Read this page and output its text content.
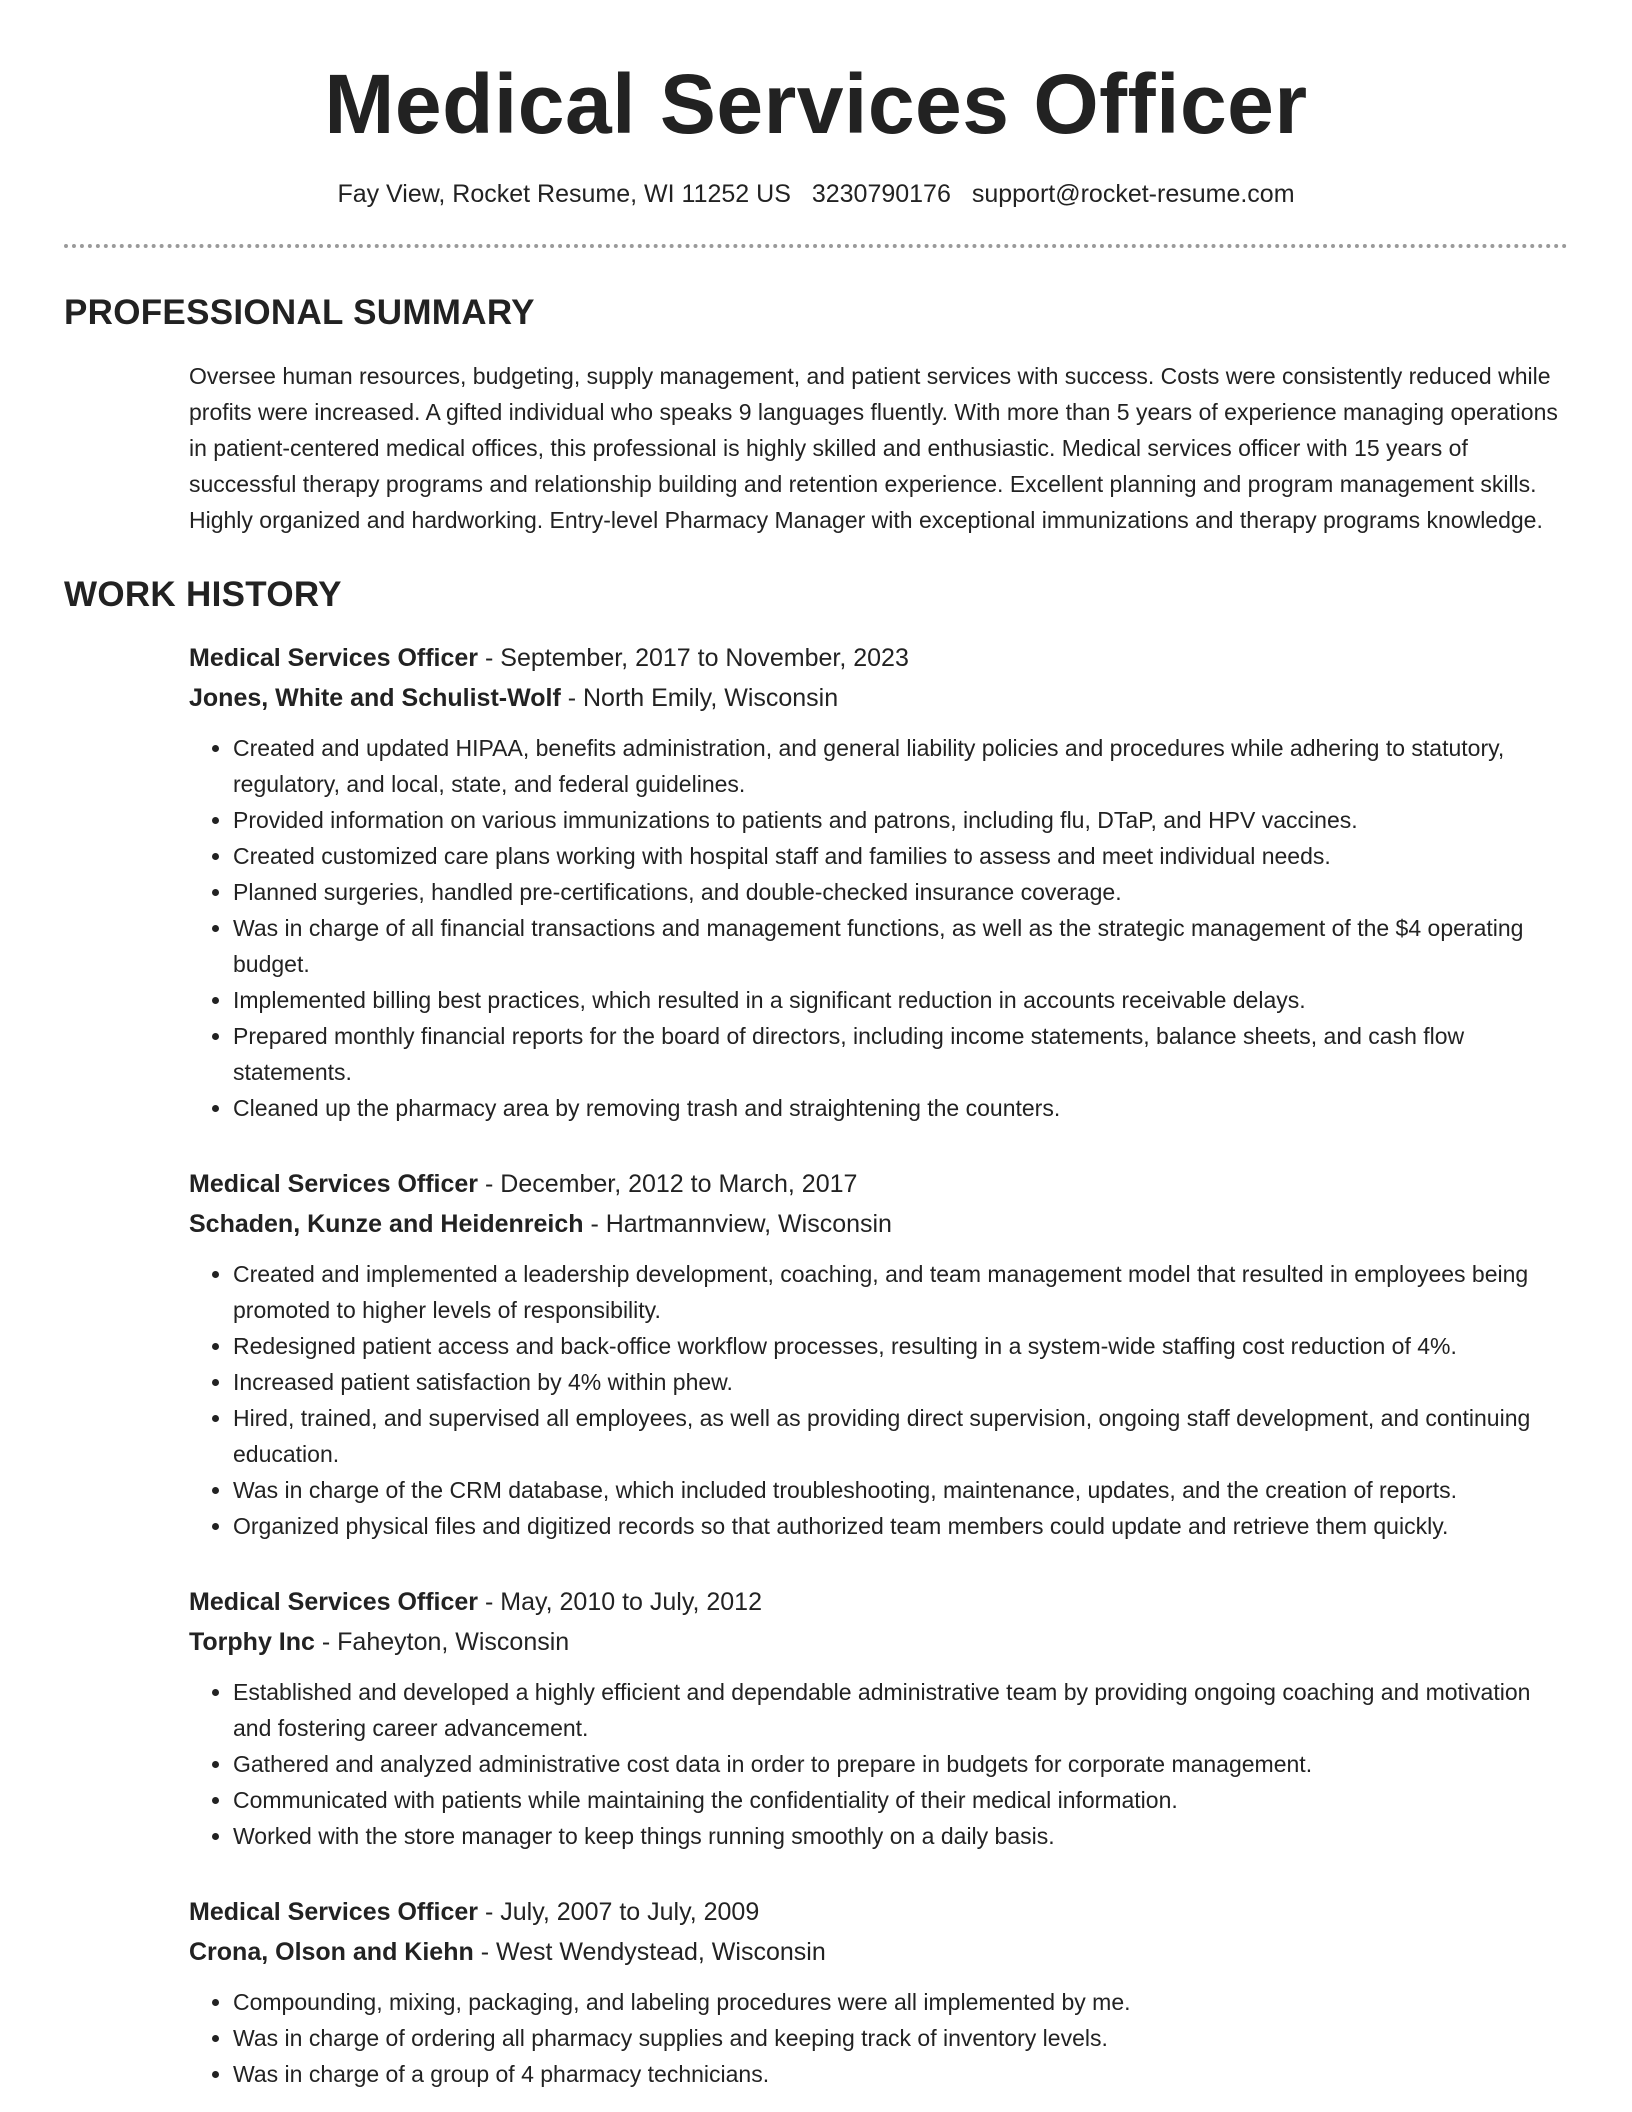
Medical Services Officer
Fay View, Rocket Resume, WI 11252 US 3230790176 support@rocket-resume.com
PROFESSIONAL SUMMARY
Oversee human resources, budgeting, supply management, and patient services with success. Costs were consistently reduced while profits were increased. A gifted individual who speaks 9 languages fluently. With more than 5 years of experience managing operations in patient-centered medical offices, this professional is highly skilled and enthusiastic. Medical services officer with 15 years of successful therapy programs and relationship building and retention experience. Excellent planning and program management skills. Highly organized and hardworking. Entry-level Pharmacy Manager with exceptional immunizations and therapy programs knowledge.
WORK HISTORY
Medical Services Officer - September, 2017 to November, 2023
Jones, White and Schulist-Wolf - North Emily, Wisconsin
• Created and updated HIPAA, benefits administration, and general liability policies and procedures while adhering to statutory, regulatory, and local, state, and federal guidelines.
• Provided information on various immunizations to patients and patrons, including flu, DTaP, and HPV vaccines.
• Created customized care plans working with hospital staff and families to assess and meet individual needs.
• Planned surgeries, handled pre-certifications, and double-checked insurance coverage.
• Was in charge of all financial transactions and management functions, as well as the strategic management of the $4 operating budget.
• Implemented billing best practices, which resulted in a significant reduction in accounts receivable delays.
• Prepared monthly financial reports for the board of directors, including income statements, balance sheets, and cash flow statements.
• Cleaned up the pharmacy area by removing trash and straightening the counters.
Medical Services Officer - December, 2012 to March, 2017
Schaden, Kunze and Heidenreich - Hartmannview, Wisconsin
• Created and implemented a leadership development, coaching, and team management model that resulted in employees being promoted to higher levels of responsibility.
• Redesigned patient access and back-office workflow processes, resulting in a system-wide staffing cost reduction of 4%.
• Increased patient satisfaction by 4% within phew.
• Hired, trained, and supervised all employees, as well as providing direct supervision, ongoing staff development, and continuing education.
• Was in charge of the CRM database, which included troubleshooting, maintenance, updates, and the creation of reports.
• Organized physical files and digitized records so that authorized team members could update and retrieve them quickly.
Medical Services Officer - May, 2010 to July, 2012
Torphy Inc - Faheyton, Wisconsin
• Established and developed a highly efficient and dependable administrative team by providing ongoing coaching and motivation and fostering career advancement.
• Gathered and analyzed administrative cost data in order to prepare in budgets for corporate management.
• Communicated with patients while maintaining the confidentiality of their medical information.
• Worked with the store manager to keep things running smoothly on a daily basis.
Medical Services Officer - July, 2007 to July, 2009
Crona, Olson and Kiehn - West Wendystead, Wisconsin
• Compounding, mixing, packaging, and labeling procedures were all implemented by me.
• Was in charge of ordering all pharmacy supplies and keeping track of inventory levels.
• Was in charge of a group of 4 pharmacy technicians.
